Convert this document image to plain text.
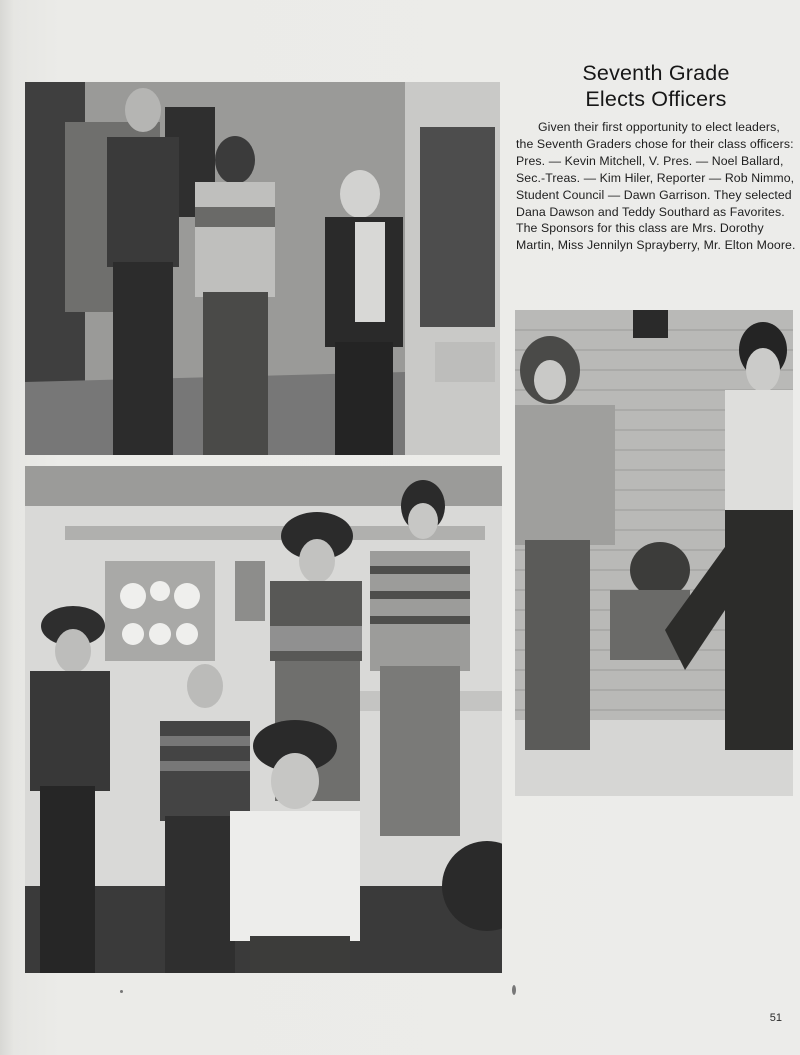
Seventh Grade
Elects Officers

Given their first opportunity to elect leaders, the Seventh Graders chose for their class officers: Pres. — Kevin Mitchell, V. Pres. — Noel Ballard, Sec.-Treas. — Kim Hiler, Reporter — Rob Nimmo, Student Council — Dawn Garrison. They selected Dana Dawson and Teddy Southard as Favorites. The Sponsors for this class are Mrs. Dorothy Martin, Miss Jennilyn Sprayberry, Mr. Elton Moore.

51
